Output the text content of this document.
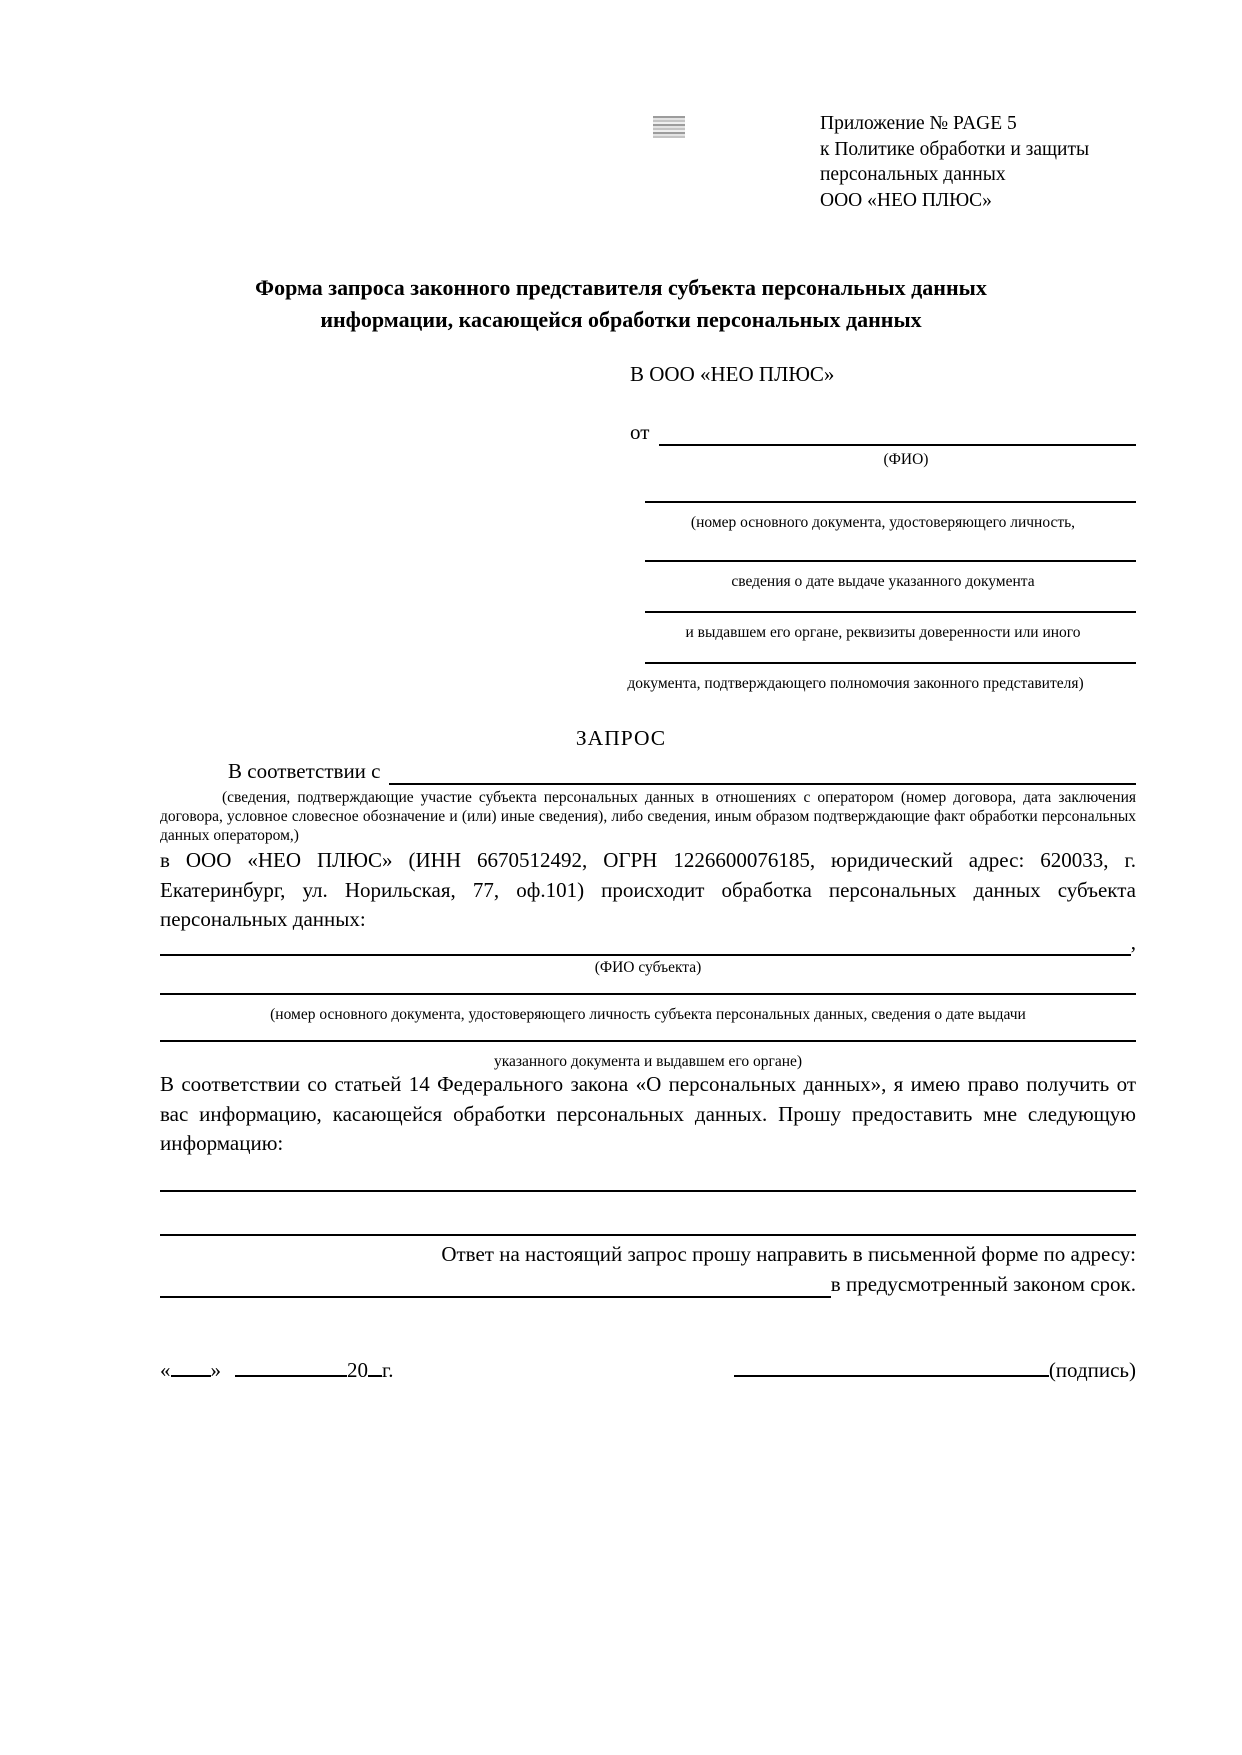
Приложение № PAGE 5
к Политике обработки и защиты
персональных данных
ООО «НЕО ПЛЮС»
Форма запроса законного представителя субъекта персональных данных
информации, касающейся обработки персональных данных
В ООО «НЕО ПЛЮС»
от
(ФИО)
(номер основного документа, удостоверяющего личность,
сведения о дате выдаче указанного документа
и выдавшем его органе, реквизиты доверенности или иного
документа, подтверждающего полномочия законного представителя)
ЗАПРОС
В соответствии с
(сведения, подтверждающие участие субъекта персональных данных в отношениях с оператором (номер договора, дата заключения договора, условное словесное обозначение и (или) иные сведения), либо сведения, иным образом подтверждающие факт обработки персональных данных оператором,)
в ООО «НЕО ПЛЮС» (ИНН 6670512492, ОГРН 1226600076185, юридический адрес: 620033, г. Екатеринбург, ул. Норильская, 77, оф.101) происходит обработка персональных данных субъекта персональных данных:
,
(ФИО субъекта)
(номер основного документа, удостоверяющего личность субъекта персональных данных, сведения о дате выдачи
указанного документа и выдавшем его органе)
В соответствии со статьей 14 Федерального закона «О персональных данных», я имею право получить от вас информацию, касающейся обработки персональных данных. Прошу предоставить мне следующую информацию:
Ответ на настоящий запрос прошу направить в письменной форме по адресу:
в предусмотренный законом срок.
« »	20 г.	(подпись)
